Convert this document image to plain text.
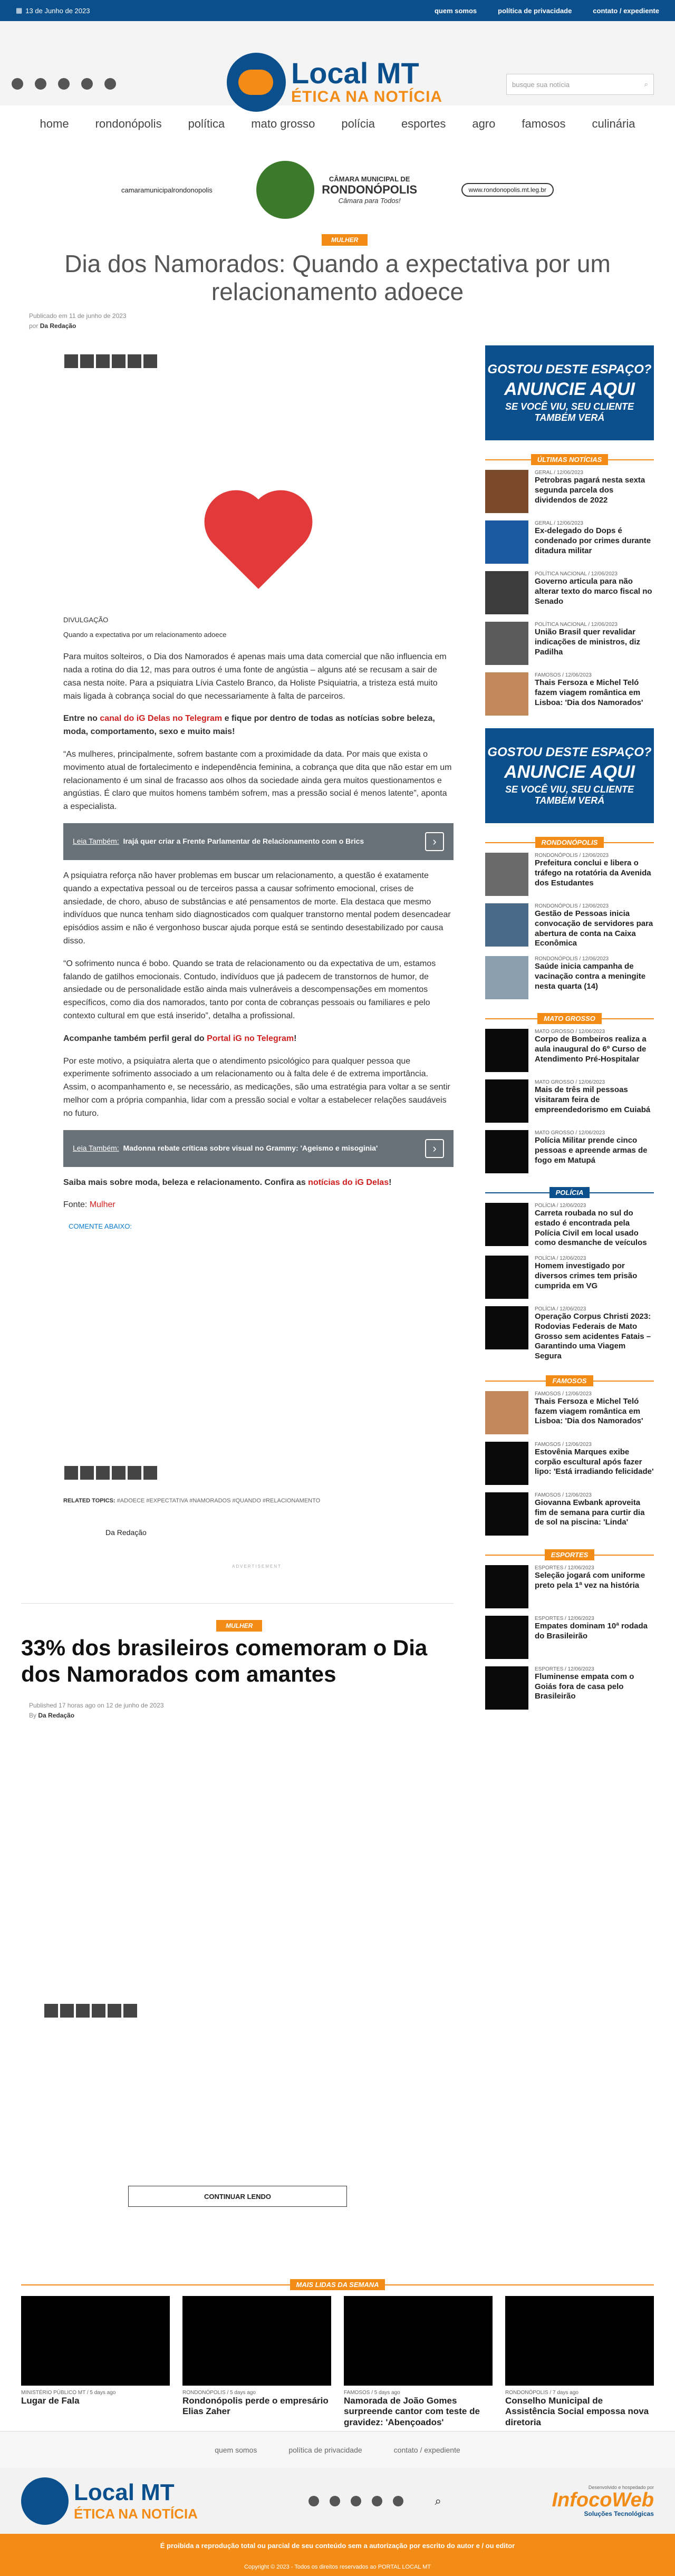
▦ 13 de Junho de 2023	quem somos	política de privacidade	contato / expediente
Local MT
ÉTICA NA NOTÍCIA
busque sua notícia	⌕
home rondonópolis política mato grosso polícia esportes agro famosos culinária
camaramunicipalrondonopolis
CÂMARA MUNICIPAL DE
RONDONÓPOLIS
Câmara para Todos!
www.rondonopolis.mt.leg.br
MULHER
Dia dos Namorados: Quando a expectativa por um relacionamento adoece
Publicado em 11 de junho de 2023
por Da Redação
DIVULGAÇÃO
Quando a expectativa por um relacionamento adoece

Para muitos solteiros, o Dia dos Namorados é apenas mais uma data comercial que não influencia em nada a rotina do dia 12, mas para outros é uma fonte de angústia – alguns até se recusam a sair de casa nesta noite. Para a psiquiatra Lívia Castelo Branco, da Holiste Psiquiatria, a tristeza está muito mais ligada à cobrança social do que necessariamente à falta de parceiros.

Entre no canal do iG Delas no Telegram e fique por dentro de todas as notícias sobre beleza, moda, comportamento, sexo e muito mais!

“As mulheres, principalmente, sofrem bastante com a proximidade da data. Por mais que exista o movimento atual de fortalecimento e independência feminina, a cobrança que dita que não estar em um relacionamento é um sinal de fracasso aos olhos da sociedade ainda gera muitos questionamentos e angústias. É claro que muitos homens também sofrem, mas a pressão social é menos latente”, aponta a especialista.

Leia Também: Irajá quer criar a Frente Parlamentar de Relacionamento com o Brics	›

A psiquiatra reforça não haver problemas em buscar um relacionamento, a questão é exatamente quando a expectativa pessoal ou de terceiros passa a causar sofrimento emocional, crises de ansiedade, de choro, abuso de substâncias e até pensamentos de morte. Ela destaca que mesmo indivíduos que nunca tenham sido diagnosticados com qualquer transtorno mental podem desencadear episódios assim e não é vergonhoso buscar ajuda porque está se sentindo desestabilizado por causa disso.

“O sofrimento nunca é bobo. Quando se trata de relacionamento ou da expectativa de um, estamos falando de gatilhos emocionais. Contudo, indivíduos que já padecem de transtornos de humor, de ansiedade ou de personalidade estão ainda mais vulneráveis a descompensações em momentos específicos, como dia dos namorados, tanto por conta de cobranças pessoais ou familiares e pelo contexto cultural em que está inserido”, detalha a profissional.

Acompanhe também perfil geral do Portal iG no Telegram!

Por este motivo, a psiquiatra alerta que o atendimento psicológico para qualquer pessoa que experimente sofrimento associado a um relacionamento ou à falta dele é de extrema importância. Assim, o acompanhamento e, se necessário, as medicações, são uma estratégia para voltar a se sentir melhor com a própria companhia, lidar com a pressão social e voltar a estabelecer relações saudáveis no futuro.

Leia Também: Madonna rebate críticas sobre visual no Grammy: 'Ageismo e misoginia'	›

Saiba mais sobre moda, beleza e relacionamento. Confira as notícias do iG Delas!

Fonte: Mulher

COMENTE ABAIXO:

RELATED TOPICS: #ADOECE #EXPECTATIVA #NAMORADOS #QUANDO #RELACIONAMENTO
Da Redação
ADVERTISEMENT
MULHER
33% dos brasileiros comemoram o Dia dos Namorados com amantes
Published 17 horas ago on 12 de junho de 2023
By Da Redação
CONTINUAR LENDO
GOSTOU DESTE ESPAÇO?
ANUNCIE AQUI
SE VOCÊ VIU, SEU CLIENTE TAMBÉM VERÁ
$_{ÚLTIMAS NOTÍCIAS}$
GERAL / 12/06/2023
Petrobras pagará nesta sexta segunda parcela dos dividendos de 2022
GERAL / 12/06/2023
Ex-delegado do Dops é condenado por crimes durante ditadura militar
POLÍTICA NACIONAL / 12/06/2023
Governo articula para não alterar texto do marco fiscal no Senado
POLÍTICA NACIONAL / 12/06/2023
União Brasil quer revalidar indicações de ministros, diz Padilha
FAMOSOS / 12/06/2023
Thais Fersoza e Michel Teló fazem viagem romântica em Lisboa: 'Dia dos Namorados'
GOSTOU DESTE ESPAÇO?
ANUNCIE AQUI
SE VOCÊ VIU, SEU CLIENTE TAMBÉM VERÁ
$_{RONDONÓPOLIS}$
RONDONÓPOLIS / 12/06/2023
Prefeitura conclui e libera o tráfego na rotatória da Avenida dos Estudantes
RONDONÓPOLIS / 12/06/2023
Gestão de Pessoas inicia convocação de servidores para abertura de conta na Caixa Econômica
RONDONÓPOLIS / 12/06/2023
Saúde inicia campanha de vacinação contra a meningite nesta quarta (14)
$_{MATO GROSSO}$
MATO GROSSO / 12/06/2023
Corpo de Bombeiros realiza a aula inaugural do 6º Curso de Atendimento Pré-Hospitalar
MATO GROSSO / 12/06/2023
Mais de três mil pessoas visitaram feira de empreendedorismo em Cuiabá
MATO GROSSO / 12/06/2023
Polícia Militar prende cinco pessoas e apreende armas de fogo em Matupá
$_{POLÍCIA}$
POLÍCIA / 12/06/2023
Carreta roubada no sul do estado é encontrada pela Polícia Civil em local usado como desmanche de veículos
POLÍCIA / 12/06/2023
Homem investigado por diversos crimes tem prisão cumprida em VG
POLÍCIA / 12/06/2023
Operação Corpus Christi 2023: Rodovias Federais de Mato Grosso sem acidentes Fatais – Garantindo uma Viagem Segura
$_{FAMOSOS}$
FAMOSOS / 12/06/2023
Thais Fersoza e Michel Teló fazem viagem romântica em Lisboa: 'Dia dos Namorados'
FAMOSOS / 12/06/2023
Estovênia Marques exibe corpão escultural após fazer lipo: 'Está irradiando felicidade'
FAMOSOS / 12/06/2023
Giovanna Ewbank aproveita fim de semana para curtir dia de sol na piscina: 'Linda'
$_{ESPORTES}$
ESPORTES / 12/06/2023
Seleção jogará com uniforme preto pela 1ª vez na história
ESPORTES / 12/06/2023
Empates dominam 10ª rodada do Brasileirão
ESPORTES / 12/06/2023
Fluminense empata com o Goiás fora de casa pelo Brasileirão
$_{MAIS LIDAS DA SEMANA}$
MINISTÉRIO PÚBLICO MT / 5 days ago
Lugar de Fala
RONDONÓPOLIS / 5 days ago
Rondonópolis perde o empresário Elias Zaher
FAMOSOS / 5 days ago
Namorada de João Gomes surpreende cantor com teste de gravidez: 'Abençoados'
RONDONÓPOLIS / 7 days ago
Conselho Municipal de Assistência Social empossa nova diretoria
quem somos	política de privacidade	contato / expediente
Local MT
ÉTICA NA NOTÍCIA
⌕
Desenvolvido e hospedado por
InfocoWeb
Soluções Tecnológicas
É proibida a reprodução total ou parcial de seu conteúdo sem a autorização por escrito do autor e / ou editor
Copyright © 2023 - Todos os direitos reservados ao PORTAL LOCAL MT
